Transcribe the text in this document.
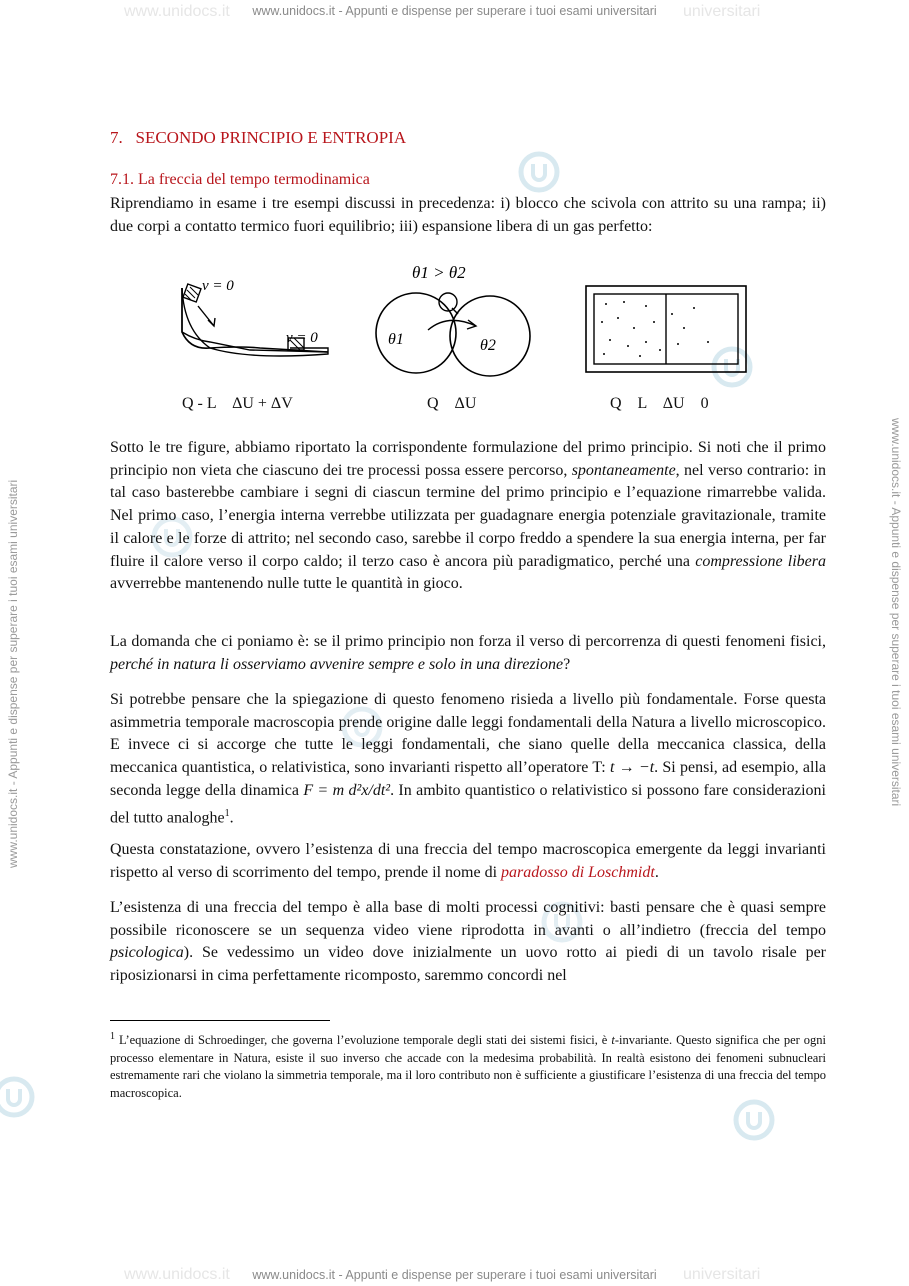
www.unidocs.it	universitari
www.unidocs.it - Appunti e dispense per superare i tuoi esami universitari
www.unidocs.it	universitari
www.unidocs.it - Appunti e dispense per superare i tuoi esami universitari
www.unidocs.it - Appunti e dispense per superare i tuoi esami universitari	www.unidocs.it - Appunti e dispense per superare i tuoi esami universitari
7.   SECONDO PRINCIPIO E ENTROPIA
7.1. La freccia del tempo termodinamica

Riprendiamo in esame i tre esempi discussi in precedenza: i) blocco che scivola con attrito su una rampa; ii) due corpi a contatto termico fuori equilibrio; iii) espansione libera di un gas perfetto:

Sotto le tre figure, abbiamo riportato la corrispondente formulazione del primo principio. Si noti che il primo principio non vieta che ciascuno dei tre processi possa essere percorso, spontaneamente, nel verso contrario: in tal caso basterebbe cambiare i segni di ciascun termine del primo principio e l’equazione rimarrebbe valida. Nel primo caso, l’energia interna verrebbe utilizzata per guadagnare energia potenziale gravitazionale, tramite il calore e le forze di attrito; nel secondo caso, sarebbe il corpo freddo a spendere la sua energia interna, per far fluire il calore verso il corpo caldo; il terzo caso è ancora più paradigmatico, perché una compressione libera avverrebbe mantenendo nulle tutte le quantità in gioco.

La domanda che ci poniamo è: se il primo principio non forza il verso di percorrenza di questi fenomeni fisici, perché in natura li osserviamo avvenire sempre e solo in una direzione?

Si potrebbe pensare che la spiegazione di questo fenomeno risieda a livello più fondamentale. Forse questa asimmetria temporale macroscopia prende origine dalle leggi fondamentali della Natura a livello microscopico. E invece ci si accorge che tutte le leggi fondamentali, che siano quelle della meccanica classica, della meccanica quantistica, o relativistica, sono invarianti rispetto all’operatore T: t → −t. Si pensi, ad esempio, alla seconda legge della dinamica F = m d²x/dt². In ambito quantistico o relativistico si possono fare considerazioni del tutto analoghe$^1$.

Questa constatazione, ovvero l’esistenza di una freccia del tempo macroscopica emergente da leggi invarianti rispetto al verso di scorrimento del tempo, prende il nome di paradosso di Loschmidt.

L’esistenza di una freccia del tempo è alla base di molti processi cognitivi: basti pensare che è quasi sempre possibile riconoscere se un sequenza video viene riprodotta in avanti o all’indietro (freccia del tempo psicologica). Se vedessimo un video dove inizialmente un uovo rotto ai piedi di un tavolo risale per riposizionarsi in cima perfettamente ricomposto, saremmo concordi nel

v = 0
v = 0
Q - L    ΔU + ΔV
θ1 > θ2
θ1	θ2
Q    ΔU	Q    L    ΔU    0

$^1$ L’equazione di Schroedinger, che governa l’evoluzione temporale degli stati dei sistemi fisici, è t-invariante. Questo significa che per ogni processo elementare in Natura, esiste il suo inverso che accade con la medesima probabilità. In realtà esistono dei fenomeni subnucleari estremamente rari che violano la simmetria temporale, ma il loro contributo non è sufficiente a giustificare l’esistenza di una freccia del tempo macroscopica.
